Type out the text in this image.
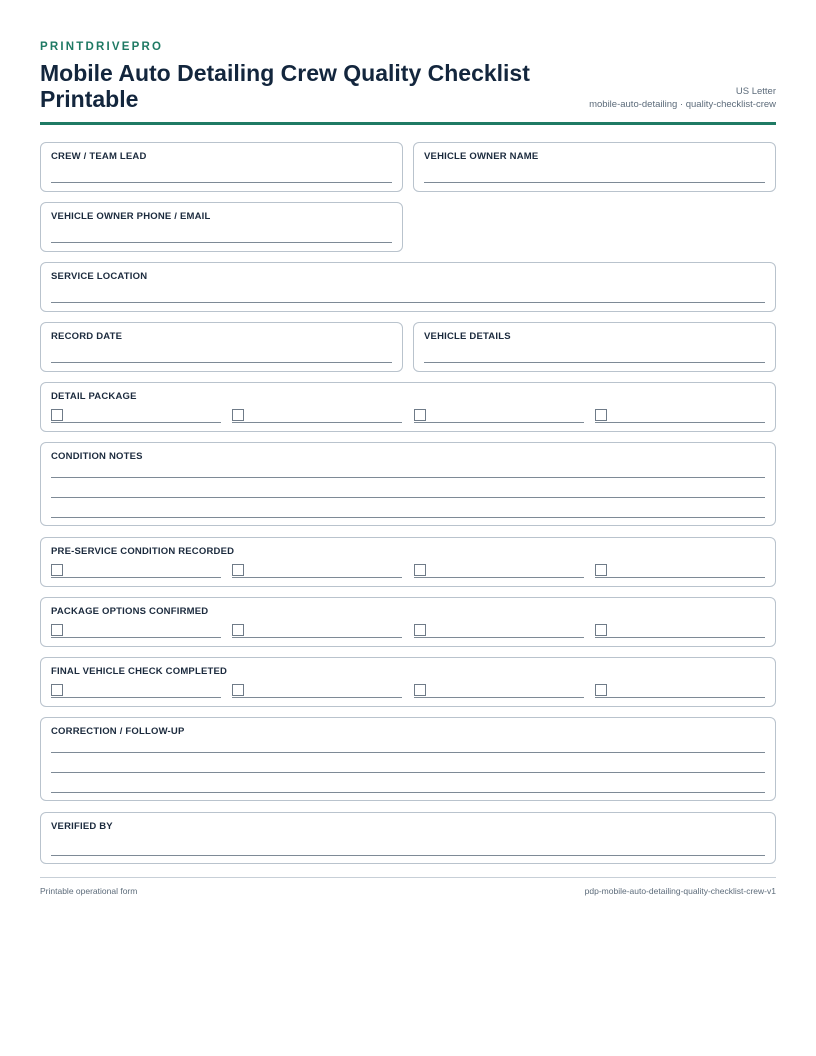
PRINTDRIVEPRO
Mobile Auto Detailing Crew Quality Checklist Printable	US Letter
mobile-auto-detailing · quality-checklist-crew
CREW / TEAM LEAD	VEHICLE OWNER NAME
VEHICLE OWNER PHONE / EMAIL
SERVICE LOCATION
RECORD DATE	VEHICLE DETAILS
DETAIL PACKAGE
CONDITION NOTES
PRE-SERVICE CONDITION RECORDED
PACKAGE OPTIONS CONFIRMED
FINAL VEHICLE CHECK COMPLETED
CORRECTION / FOLLOW-UP
VERIFIED BY
Printable operational form	pdp-mobile-auto-detailing-quality-checklist-crew-v1
